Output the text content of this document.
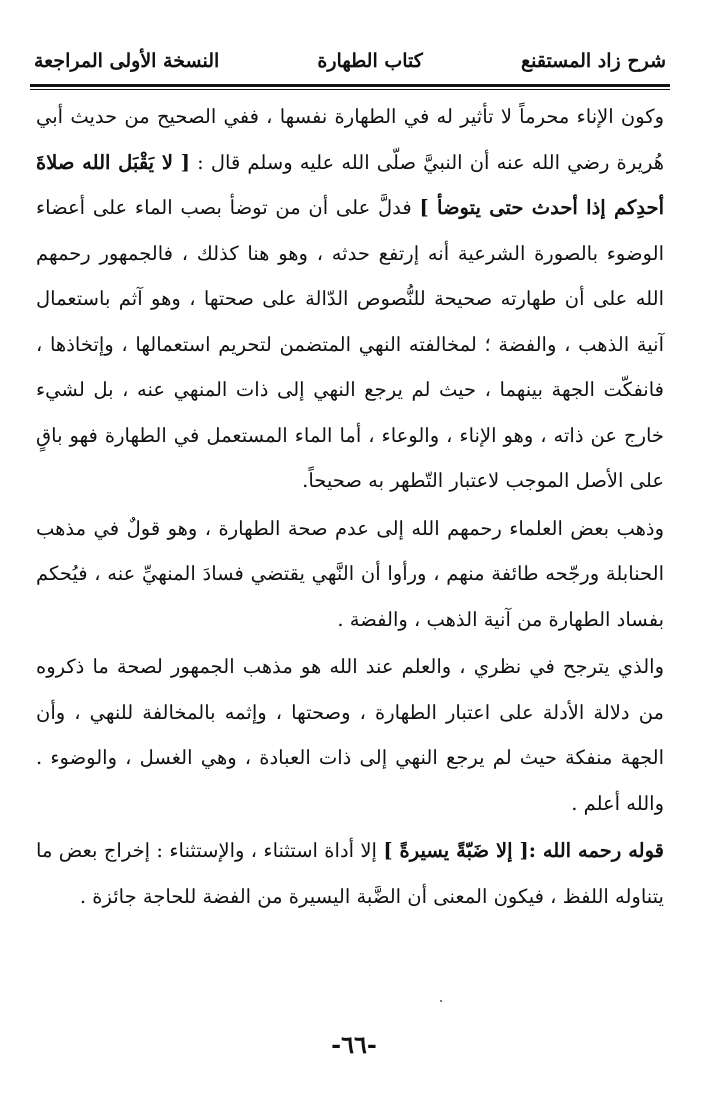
شرح زاد المستقنع
كتاب الطهارة
النسخة الأولى المراجعة

وكون الإناء محرماً لا تأثير له في الطهارة نفسها ، ففي الصحيح من حديث أبي هُريرة رضي الله عنه أن النبيَّ صلّى الله عليه وسلم قال : [ لا يَقْبَل الله صلاةَ أحدِكم إذا أحدث حتى يتوضأ ] فدلَّ على أن من توضأ بصب الماء على أعضاء الوضوء بالصورة الشرعية أنه إرتفع حدثه ، وهو هنا كذلك ، فالجمهور رحمهم الله على أن طهارته صحيحة للنُّصوص الدّالة على صحتها ، وهو آثم باستعمال آنية الذهب ، والفضة ؛ لمخالفته النهي المتضمن لتحريم استعمالها ، وإتخاذها ، فانفكّت الجهة بينهما ، حيث لم يرجع النهي إلى ذات المنهي عنه ، بل لشيء خارج عن ذاته ، وهو الإناء ، والوعاء ، أما الماء المستعمل في الطهارة فهو باقٍ على الأصل الموجب لاعتبار التّطهر به صحيحاً.

وذهب بعض العلماء رحمهم الله إلى عدم صحة الطهارة ، وهو قولٌ في مذهب الحنابلة ورجّحه طائفة منهم ، ورأوا أن النَّهي يقتضي فسادَ المنهيِّ عنه ، فيُحكم بفساد الطهارة من آنية الذهب ، والفضة .

والذي يترجح في نظري ، والعلم عند الله هو مذهب الجمهور لصحة ما ذكروه من دلالة الأدلة على اعتبار الطهارة ، وصحتها ، وإثمه بالمخالفة للنهي ، وأن الجهة منفكة حيث لم يرجع النهي إلى ذات العبادة ، وهي الغسل ، والوضوء . والله أعلم .

قوله رحمه الله :[ إلا ضَبّةً يسيرةً ] إلا أداة استثناء ، والإستثناء : إخراج بعض ما يتناوله اللفظ ، فيكون المعنى أن الضَّبة اليسيرة من الفضة للحاجة جائزة .

-٦٦-
